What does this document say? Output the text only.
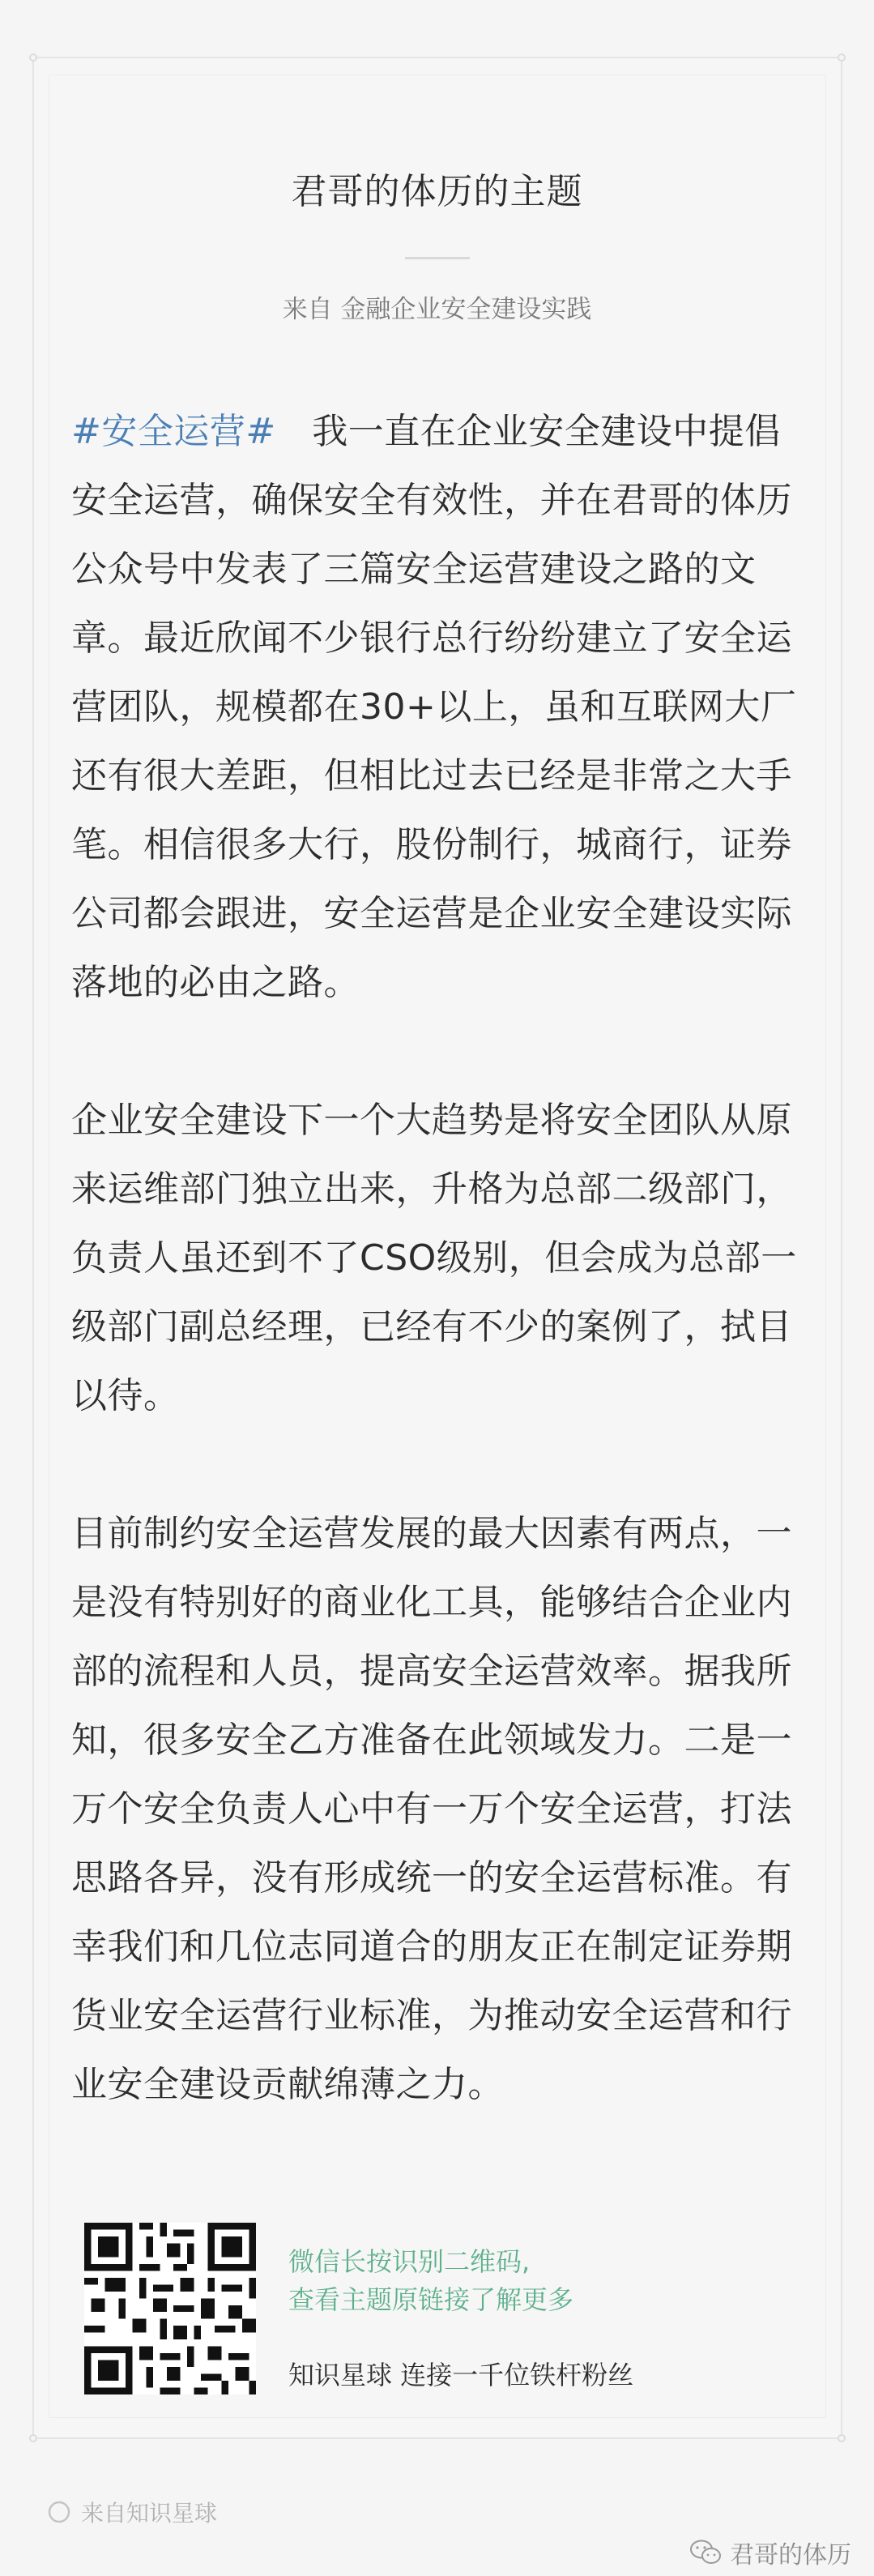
君哥的体历的主题
来自 金融企业安全建设实践

#安全运营#　 我一直在企业安全建设中提倡安全运营，确保安全有效性，并在君哥的体历公众号中发表了三篇安全运营建设之路的文章。最近欣闻不少银行总行纷纷建立了安全运营团队，规模都在30+以上，虽和互联网大厂还有很大差距，但相比过去已经是非常之大手笔。相信很多大行，股份制行，城商行，证券公司都会跟进，安全运营是企业安全建设实际落地的必由之路。

企业安全建设下一个大趋势是将安全团队从原来运维部门独立出来，升格为总部二级部门，负责人虽还到不了CSO级别，但会成为总部一级部门副总经理，已经有不少的案例了，拭目以待。

目前制约安全运营发展的最大因素有两点，一是没有特别好的商业化工具，能够结合企业内部的流程和人员，提高安全运营效率。据我所知，很多安全乙方准备在此领域发力。二是一万个安全负责人心中有一万个安全运营，打法思路各异，没有形成统一的安全运营标准。有幸我们和几位志同道合的朋友正在制定证券期货业安全运营行业标准，为推动安全运营和行业安全建设贡献绵薄之力。

微信长按识别二维码,
查看主题原链接了解更多
知识星球 连接一千位铁杆粉丝
来自知识星球
君哥的体历
